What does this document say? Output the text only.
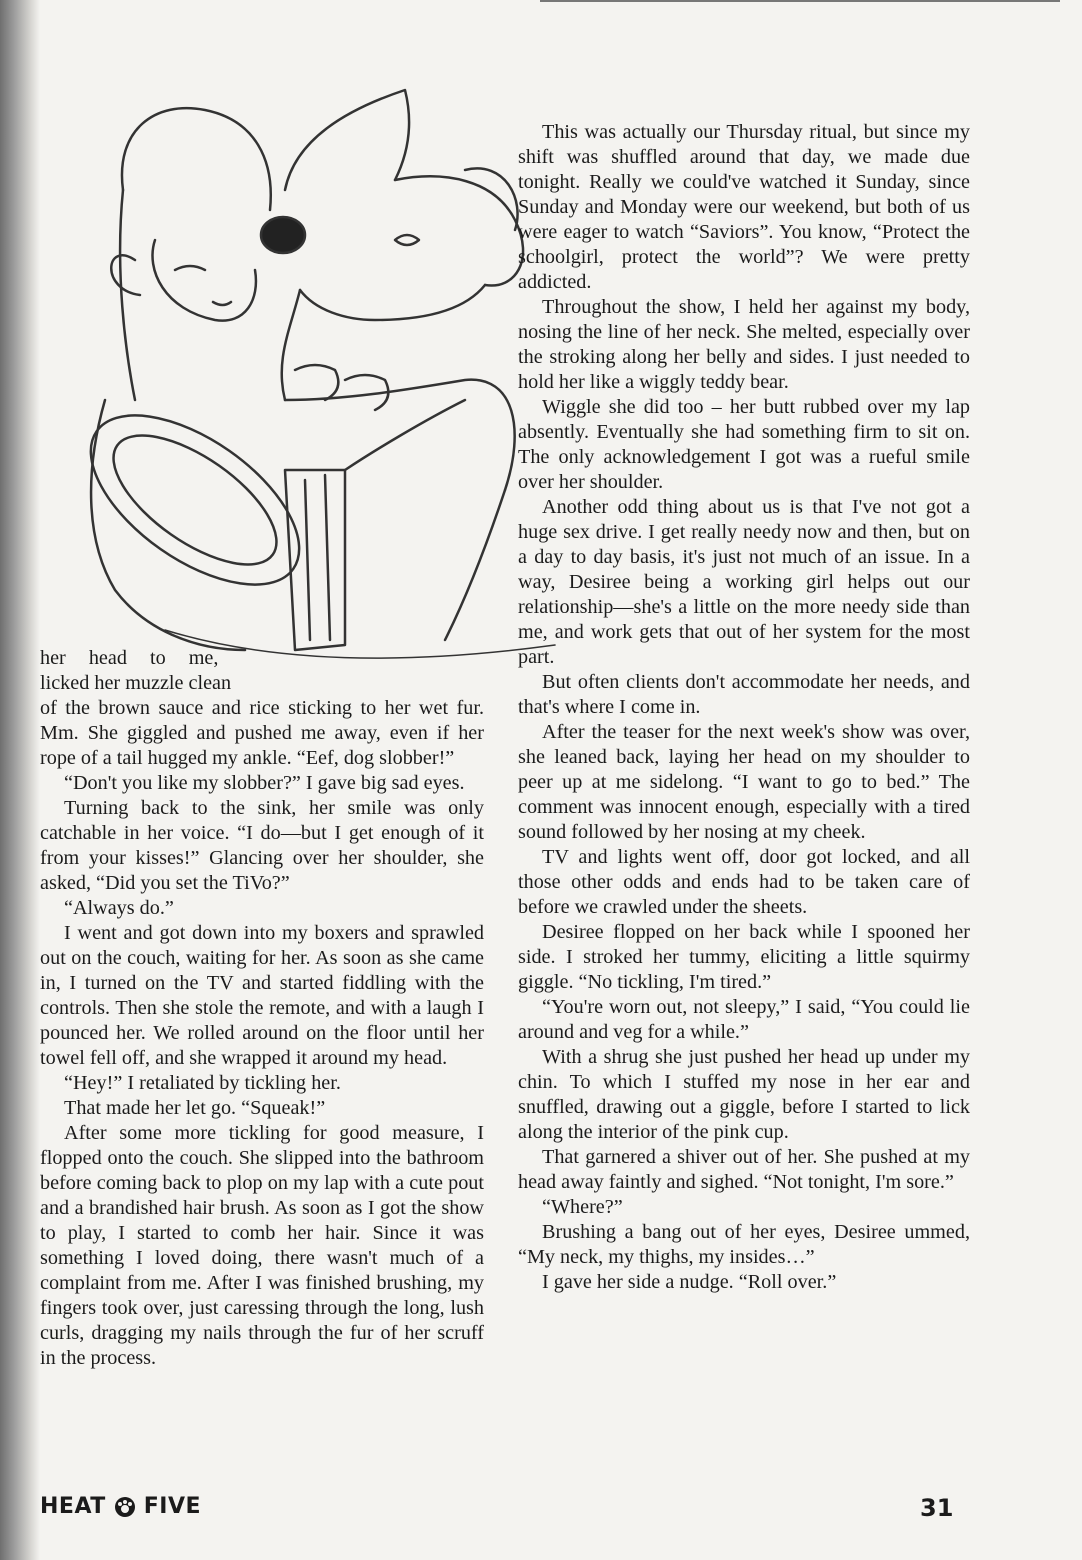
This was actually our Thursday ritual, but since my shift was shuffled around that day, we made due tonight. Really we could've watched it Sunday, since Sunday and Monday were our weekend, but both of us were eager to watch “Saviors”. You know, “Protect the schoolgirl, protect the world”? We were pretty addicted.

Throughout the show, I held her against my body, nosing the line of her neck. She melted, especially over the stroking along her belly and sides. I just needed to hold her like a wiggly teddy bear.

Wiggle she did too – her butt rubbed over my lap absently. Eventually she had something firm to sit on. The only acknowledgement I got was a rueful smile over her shoulder.

Another odd thing about us is that I've not got a huge sex drive. I get really needy now and then, but on a day to day basis, it's just not much of an issue. In a way, Desiree being a working girl helps out our relationship—she's a little on the more needy side than me, and work gets that out of her system for the most part.

But often clients don't accommodate her needs, and that's where I come in.

After the teaser for the next week's show was over, she leaned back, laying her head on my shoulder to peer up at me sidelong. “I want to go to bed.” The comment was innocent enough, especially with a tired sound followed by her nosing at my cheek.

TV and lights went off, door got locked, and all those other odds and ends had to be taken care of before we crawled under the sheets.

Desiree flopped on her back while I spooned her side. I stroked her tummy, eliciting a little squirmy giggle. “No tickling, I'm tired.”

“You're worn out, not sleepy,” I said, “You could lie around and veg for a while.”

With a shrug she just pushed her head up under my chin. To which I stuffed my nose in her ear and snuffled, drawing out a giggle, before I started to lick along the interior of the pink cup.

That garnered a shiver out of her. She pushed at my head away faintly and sighed. “Not tonight, I'm sore.”

“Where?”

Brushing a bang out of her eyes, Desiree ummed, “My neck, my thighs, my insides…”

I gave her side a nudge. “Roll over.”

her head to me,
licked her muzzle clean

of the brown sauce and rice sticking to her wet fur. Mm. She giggled and pushed me away, even if her rope of a tail hugged my ankle. “Eef, dog slobber!”

“Don't you like my slobber?” I gave big sad eyes.

Turning back to the sink, her smile was only catchable in her voice. “I do—but I get enough of it from your kisses!” Glancing over her shoulder, she asked, “Did you set the TiVo?”

“Always do.”

I went and got down into my boxers and sprawled out on the couch, waiting for her. As soon as she came in, I turned on the TV and started fiddling with the controls. Then she stole the remote, and with a laugh I pounced her. We rolled around on the floor until her towel fell off, and she wrapped it around my head.

“Hey!” I retaliated by tickling her.

That made her let go. “Squeak!”

After some more tickling for good measure, I flopped onto the couch. She slipped into the bathroom before coming back to plop on my lap with a cute pout and a brandished hair brush. As soon as I got the show to play, I started to comb her hair. Since it was something I loved doing, there wasn't much of a complaint from me. After I was finished brushing, my fingers took over, just caressing through the long, lush curls, dragging my nails through the fur of her scruff in the process.

HEAT FIVE	31
